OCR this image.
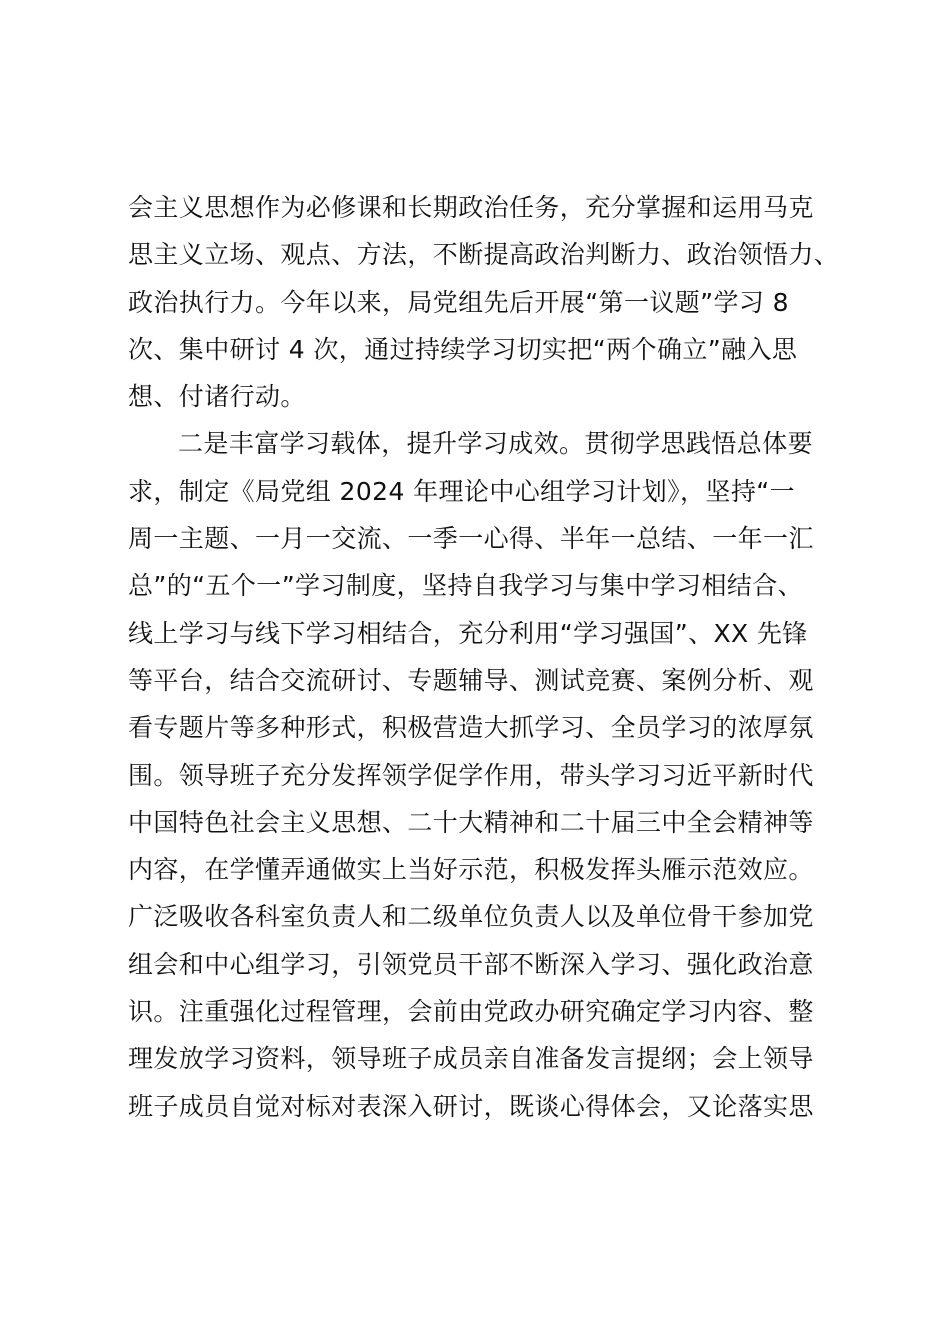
会主义思想作为必修课和长期政治任务，充分掌握和运用马克
思主义立场、观点、方法，不断提高政治判断力、政治领悟力、
政治执行力。今年以来，局党组先后开展“第一议题”学习 8
次、集中研讨 4 次，通过持续学习切实把“两个确立”融入思
想、付诸行动。
二是丰富学习载体，提升学习成效。贯彻学思践悟总体要
求，制定《局党组 2024 年理论中心组学习计划》，坚持“一
周一主题、一月一交流、一季一心得、半年一总结、一年一汇
总”的“五个一”学习制度，坚持自我学习与集中学习相结合、
线上学习与线下学习相结合，充分利用“学习强国”、XX 先锋
等平台，结合交流研讨、专题辅导、测试竞赛、案例分析、观
看专题片等多种形式，积极营造大抓学习、全员学习的浓厚氛
围。领导班子充分发挥领学促学作用，带头学习习近平新时代
中国特色社会主义思想、二十大精神和二十届三中全会精神等
内容，在学懂弄通做实上当好示范，积极发挥头雁示范效应。
广泛吸收各科室负责人和二级单位负责人以及单位骨干参加党
组会和中心组学习，引领党员干部不断深入学习、强化政治意
识。注重强化过程管理，会前由党政办研究确定学习内容、整
理发放学习资料，领导班子成员亲自准备发言提纲；会上领导
班子成员自觉对标对表深入研讨，既谈心得体会，又论落实思
